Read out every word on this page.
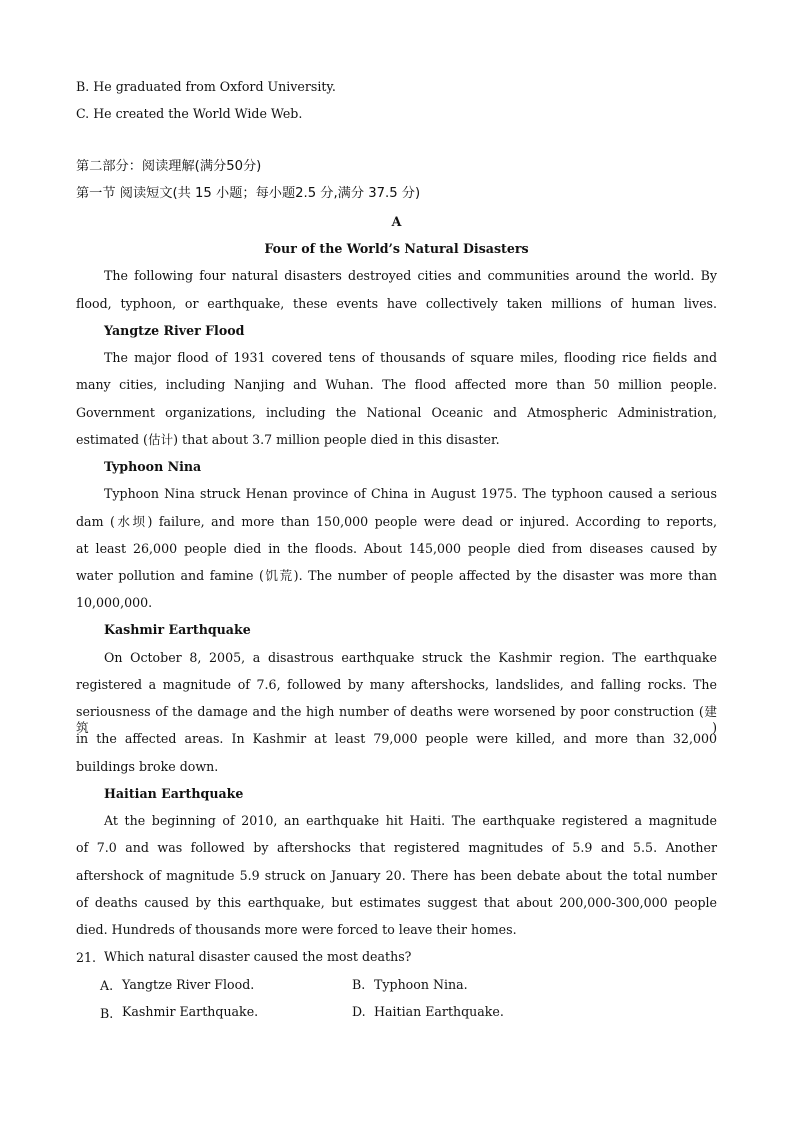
B. He graduated from Oxford University.
C. He created the World Wide Web.
第二部分：阅读理解(满分50分)
第一节 阅读短文(共 15 小题；每小题2.5 分,满分 37.5 分)
A
Four of the World’s Natural Disasters
The following four natural disasters destroyed cities and communities around the world. By
flood, typhoon, or earthquake, these events have collectively taken millions of human lives.
Yangtze River Flood
The major flood of 1931 covered tens of thousands of square miles, flooding rice fields and
many cities, including Nanjing and Wuhan. The flood affected more than 50 million people.
Government organizations, including the National Oceanic and Atmospheric Administration,
estimated (估计) that about 3.7 million people died in this disaster.
Typhoon Nina
Typhoon Nina struck Henan province of China in August 1975. The typhoon caused a serious
dam (水坝) failure, and more than 150,000 people were dead or injured. According to reports,
at least 26,000 people died in the floods. About 145,000 people died from diseases caused by
water pollution and famine (饥荒). The number of people affected by the disaster was more than
10,000,000.
Kashmir Earthquake
On October 8, 2005, a disastrous earthquake struck the Kashmir region. The earthquake
registered a magnitude of 7.6, followed by many aftershocks, landslides, and falling rocks. The
seriousness of the damage and the high number of deaths were worsened by poor construction (建筑)
in the affected areas. In Kashmir at least 79,000 people were killed, and more than 32,000
buildings broke down.
Haitian Earthquake
At the beginning of 2010, an earthquake hit Haiti. The earthquake registered a magnitude
of 7.0 and was followed by aftershocks that registered magnitudes of 5.9 and 5.5. Another
aftershock of magnitude 5.9 struck on January 20. There has been debate about the total number
of deaths caused by this earthquake, but estimates suggest that about 200,000-300,000 people
died. Hundreds of thousands more were forced to leave their homes.
21. Which natural disaster caused the most deaths?
A. Yangtze River Flood.	B. Typhoon Nina.
B. Kashmir Earthquake.	D. Haitian Earthquake.
